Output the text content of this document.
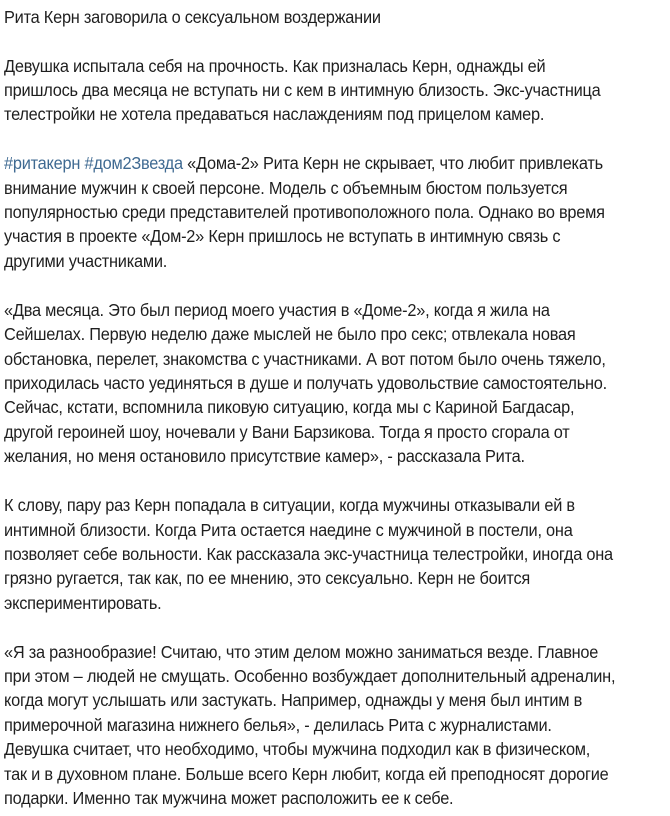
Рита Керн заговорила о сексуальном воздержании

Девушка испытала себя на прочность. Как призналась Керн, однажды ей
пришлось два месяца не вступать ни с кем в интимную близость. Экс-участница
телестройки не хотела предаваться наслаждениям под прицелом камер.

#ритакерн #дом2Звезда «Дома-2» Рита Керн не скрывает, что любит привлекать
внимание мужчин к своей персоне. Модель с объемным бюстом пользуется
популярностью среди представителей противоположного пола. Однако во время
участия в проекте «Дом-2» Керн пришлось не вступать в интимную связь с
другими участниками.

«Два месяца. Это был период моего участия в «Доме-2», когда я жила на
Сейшелах. Первую неделю даже мыслей не было про секс; отвлекала новая
обстановка, перелет, знакомства с участниками. А вот потом было очень тяжело,
приходилась часто уединяться в душе и получать удовольствие самостоятельно.
Сейчас, кстати, вспомнила пиковую ситуацию, когда мы с Кариной Багдасар,
другой героиней шоу, ночевали у Вани Барзикова. Тогда я просто сгорала от
желания, но меня остановило присутствие камер», - рассказала Рита.

К слову, пару раз Керн попадала в ситуации, когда мужчины отказывали ей в
интимной близости. Когда Рита остается наедине с мужчиной в постели, она
позволяет себе вольности. Как рассказала экс-участница телестройки, иногда она
грязно ругается, так как, по ее мнению, это сексуально. Керн не боится
экспериментировать.

«Я за разнообразие! Считаю, что этим делом можно заниматься везде. Главное
при этом – людей не смущать. Особенно возбуждает дополнительный адреналин,
когда могут услышать или застукать. Например, однажды у меня был интим в
примерочной магазина нижнего белья», - делилась Рита с журналистами.
Девушка считает, что необходимо, чтобы мужчина подходил как в физическом,
так и в духовном плане. Больше всего Керн любит, когда ей преподносят дорогие
подарки. Именно так мужчина может расположить ее к себе.
